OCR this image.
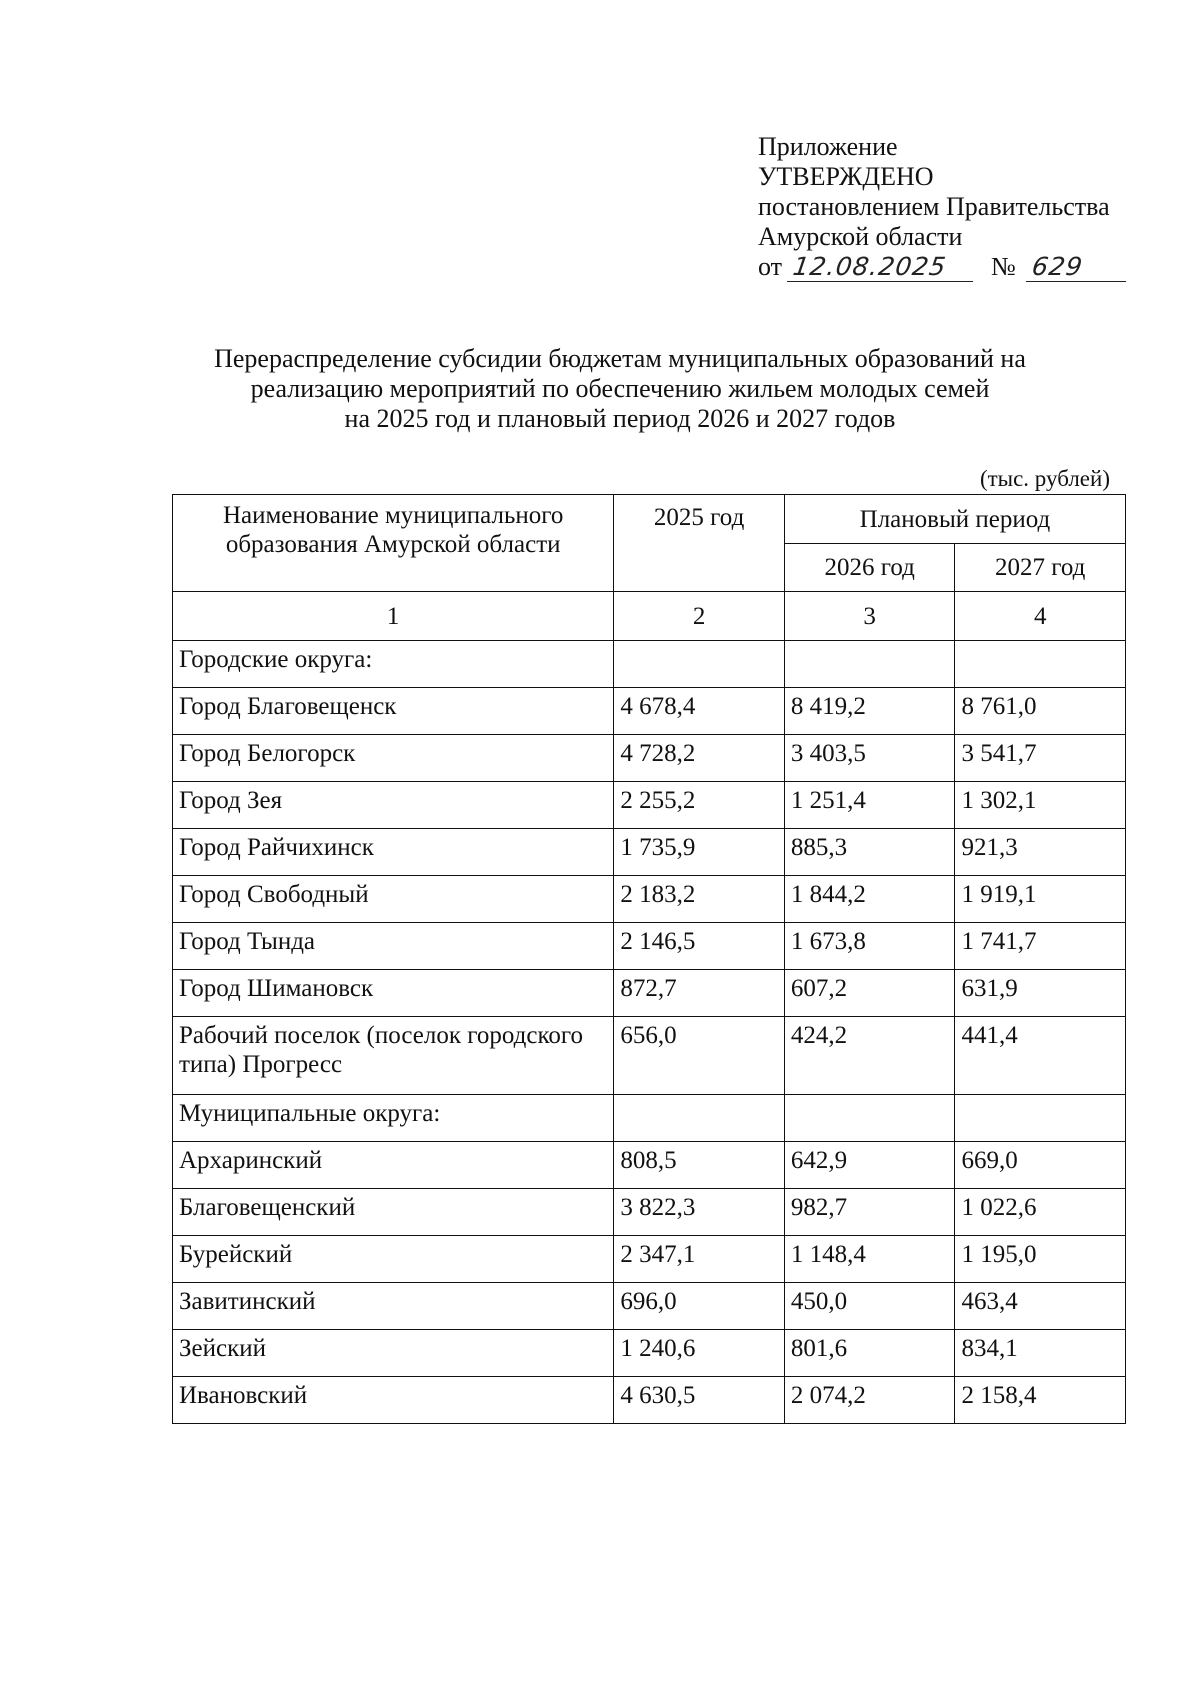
Приложение
УТВЕРЖДЕНО
постановлением Правительства
Амурской области
от 12.08.2025 № 629
Перераспределение субсидии бюджетам муниципальных образований на
реализацию мероприятий по обеспечению жильем молодых семей
на 2025 год и плановый период 2026 и 2027 годов
(тыс. рублей)
Наименование муниципального образования Амурской области	2025 год	Плановый период	
		2026 год	2027 год
1	2	3	4
Городские округа:			
Город Благовещенск	4 678,4	8 419,2	8 761,0
Город Белогорск	4 728,2	3 403,5	3 541,7
Город Зея	2 255,2	1 251,4	1 302,1
Город Райчихинск	1 735,9	885,3	921,3
Город Свободный	2 183,2	1 844,2	1 919,1
Город Тында	2 146,5	1 673,8	1 741,7
Город Шимановск	872,7	607,2	631,9
Рабочий поселок (поселок городского типа) Прогресс	656,0	424,2	441,4
Муниципальные округа:			
Архаринский	808,5	642,9	669,0
Благовещенский	3 822,3	982,7	1 022,6
Бурейский	2 347,1	1 148,4	1 195,0
Завитинский	696,0	450,0	463,4
Зейский	1 240,6	801,6	834,1
Ивановский	4 630,5	2 074,2	2 158,4
